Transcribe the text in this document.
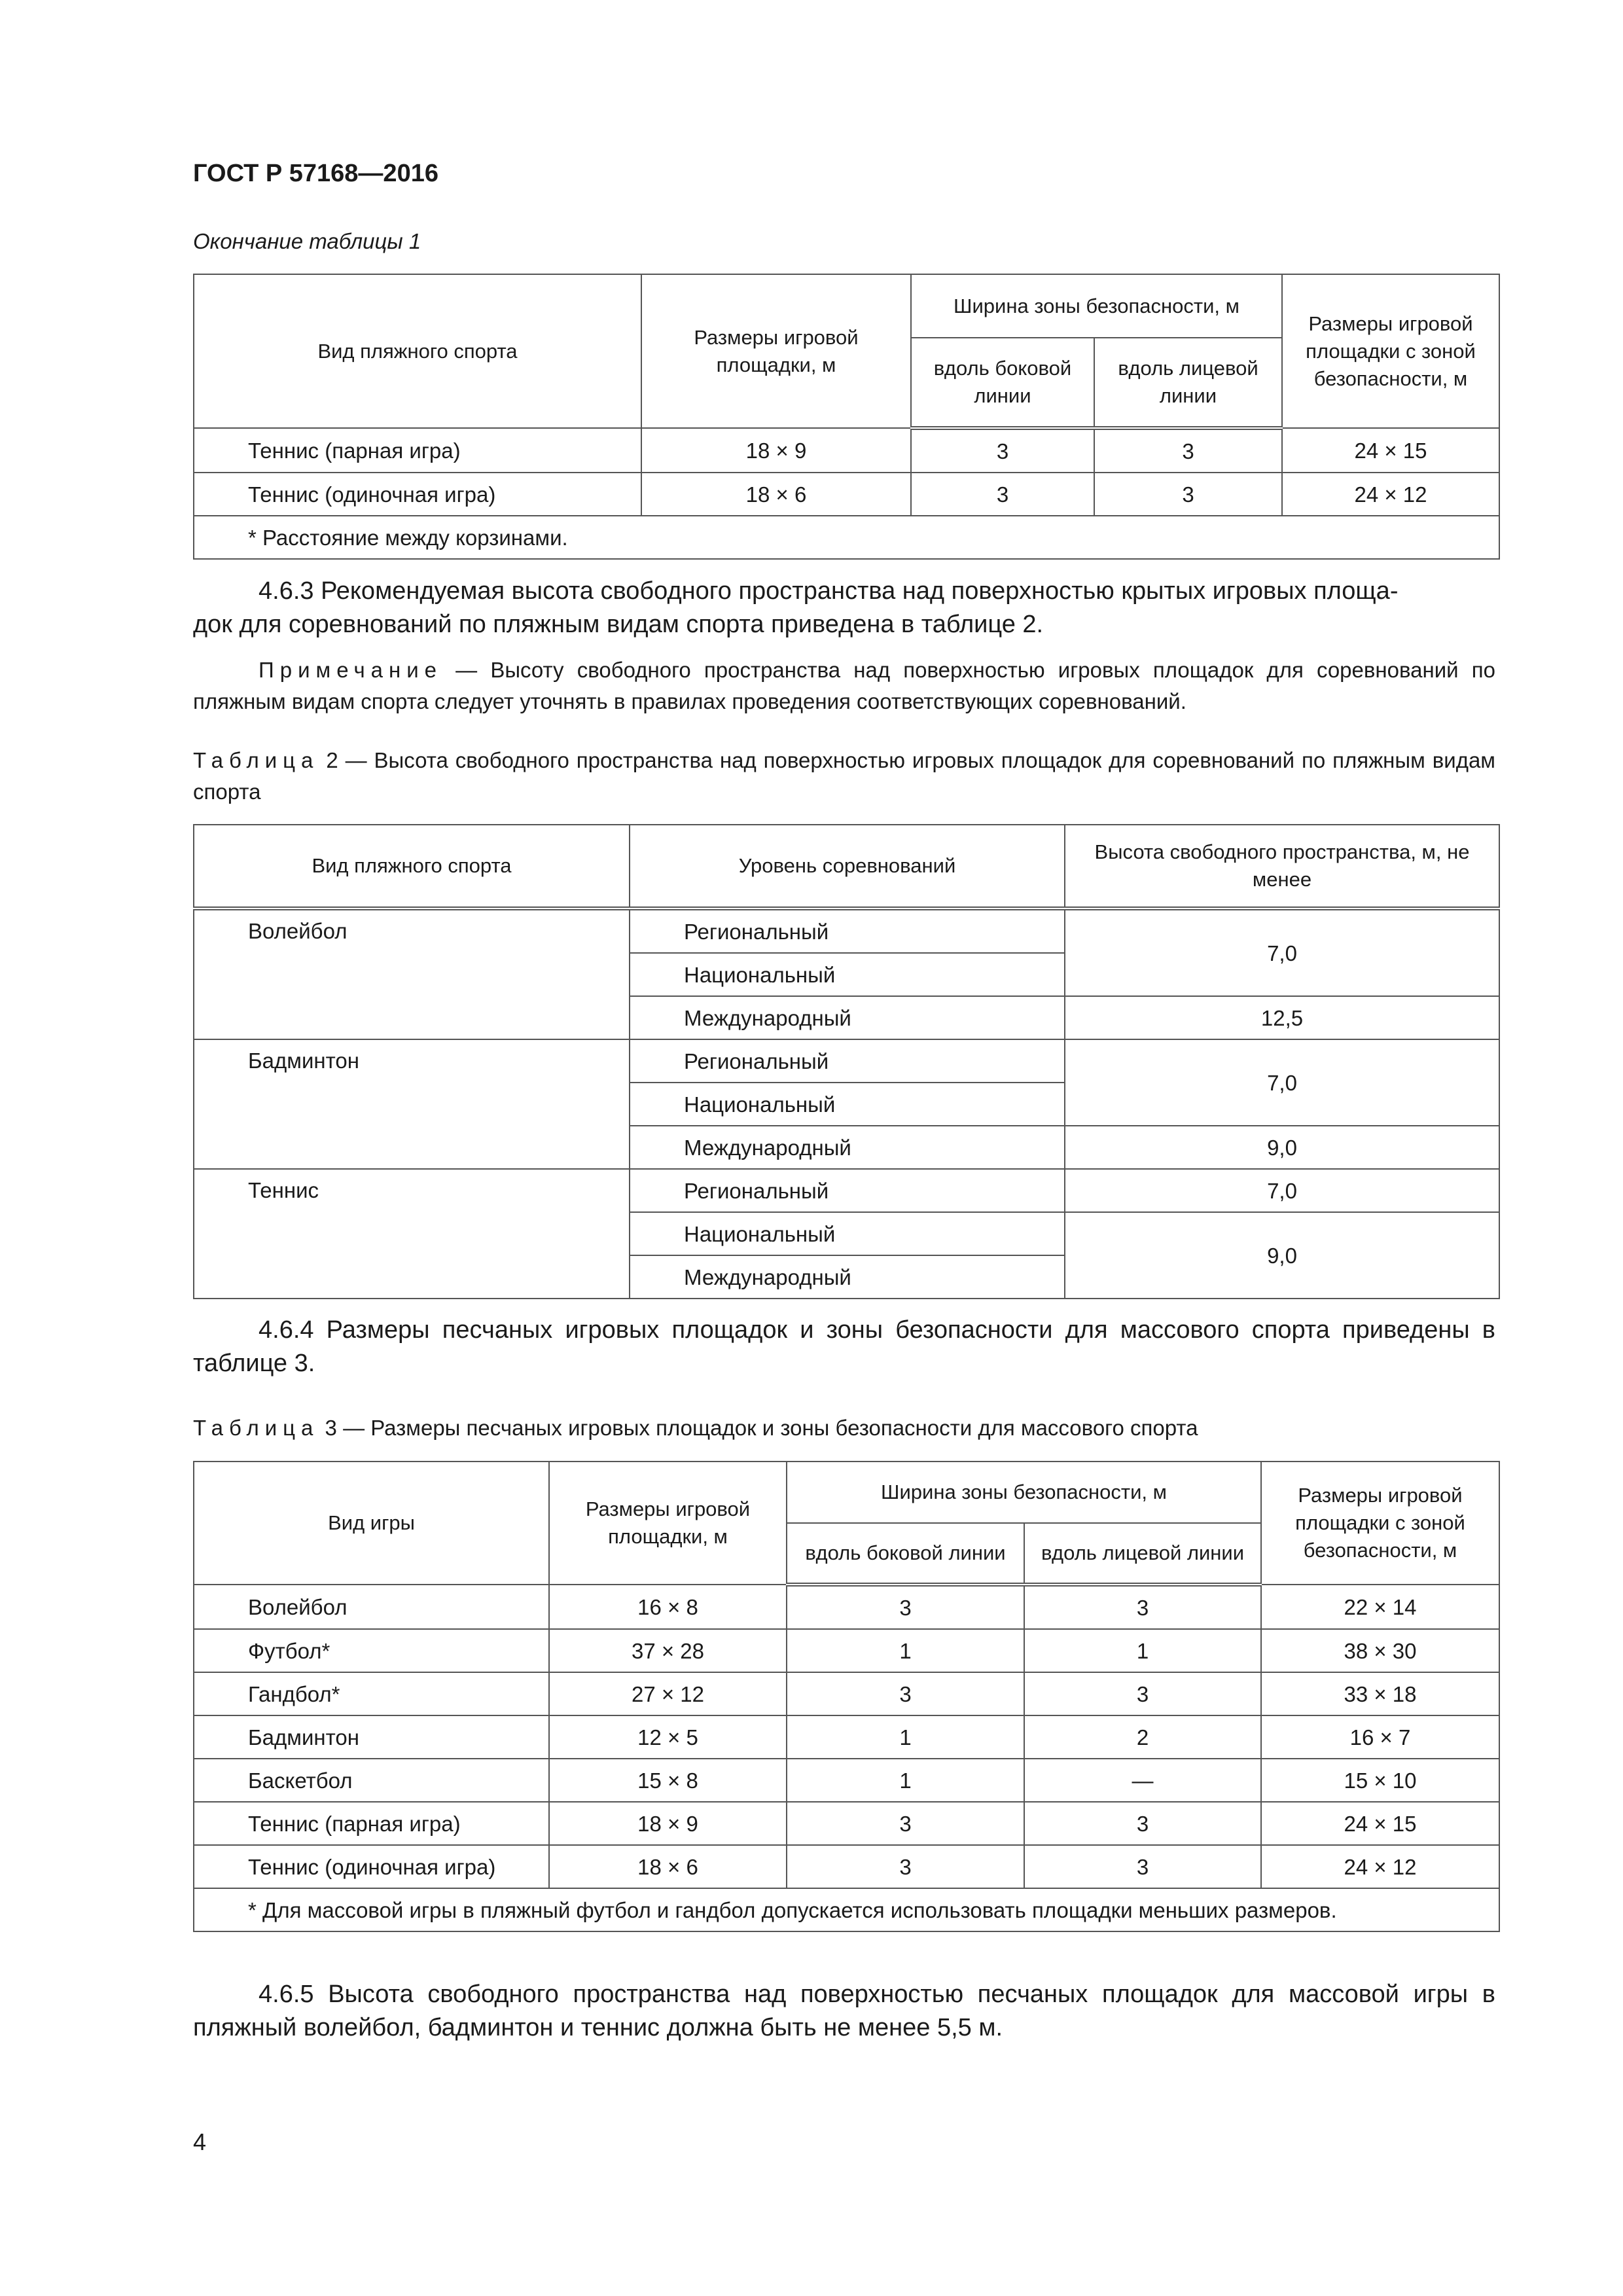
ГОСТ Р 57168—2016
Окончание таблицы 1
Вид пляжного спорта	Размеры игровой площадки, м	Ширина зоны безопасности, м		Размеры игровой площадки с зоной безопасности, м
		вдоль боковой линии	вдоль лицевой линии	
Теннис (парная игра)	18 × 9	3	3	24 × 15
Теннис (одиночная игра)	18 × 6	3	3	24 × 12
* Расстояние между корзинами.				
4.6.3 Рекомендуемая высота свободного пространства над поверхностью крытых игровых площа-
док для соревнований по пляжным видам спорта приведена в таблице 2.
Примечание — Высоту свободного пространства над поверхностью игровых площадок для соревнований по пляжным видам спорта следует уточнять в правилах проведения соответствующих соревнований.
Таблица 2 — Высота свободного пространства над поверхностью игровых площадок для соревнований по пляжным видам спорта
Вид пляжного спорта	Уровень соревнований	Высота свободного пространства, м, не менее
Волейбол	Региональный	7,0
	Национальный	
	Международный	12,5
Бадминтон	Региональный	7,0
	Национальный	
	Международный	9,0
Теннис	Региональный	7,0
	Национальный	9,0
	Международный	
4.6.4 Размеры песчаных игровых площадок и зоны безопасности для массового спорта приведены в таблице 3.
Таблица 3 — Размеры песчаных игровых площадок и зоны безопасности для массового спорта
Вид игры	Размеры игровой площадки, м	Ширина зоны безопасности, м		Размеры игровой площадки с зоной безопасности, м
		вдоль боковой линии	вдоль лицевой линии	
Волейбол	16 × 8	3	3	22 × 14
Футбол*	37 × 28	1	1	38 × 30
Гандбол*	27 × 12	3	3	33 × 18
Бадминтон	12 × 5	1	2	16 × 7
Баскетбол	15 × 8	1	—	15 × 10
Теннис (парная игра)	18 × 9	3	3	24 × 15
Теннис (одиночная игра)	18 × 6	3	3	24 × 12
* Для массовой игры в пляжный футбол и гандбол допускается использовать площадки меньших размеров.				
4.6.5 Высота свободного пространства над поверхностью песчаных площадок для массовой игры в пляжный волейбол, бадминтон и теннис должна быть не менее 5,5 м.
4
